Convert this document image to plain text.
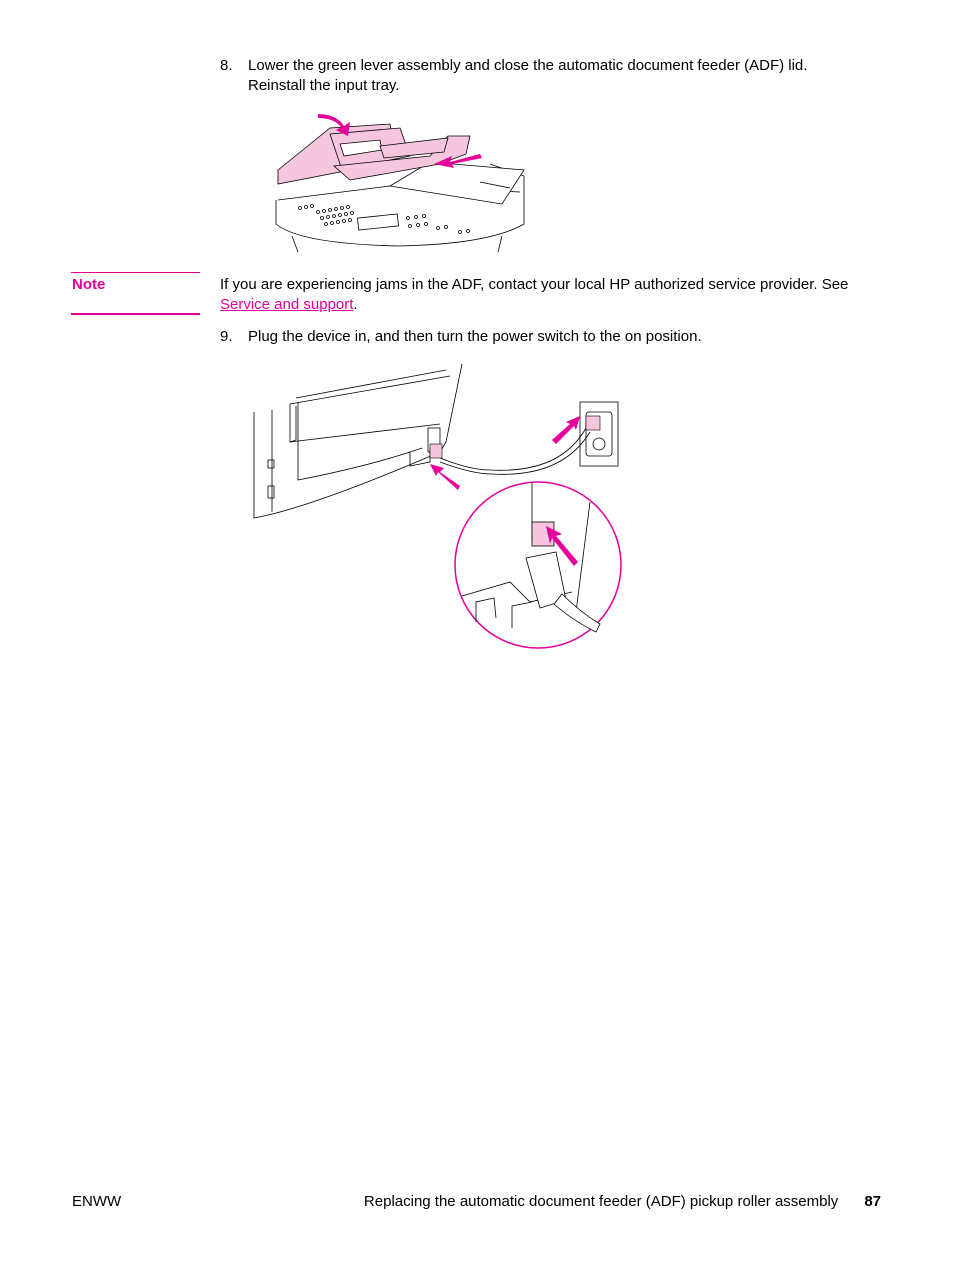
8.	Lower the green lever assembly and close the automatic document feeder (ADF) lid.
Reinstall the input tray.
Note	If you are experiencing jams in the ADF, contact your local HP authorized service provider. See Service and support.
9.	Plug the device in, and then turn the power switch to the on position.
ENWW	Replacing the automatic document feeder (ADF) pickup roller assembly 87
